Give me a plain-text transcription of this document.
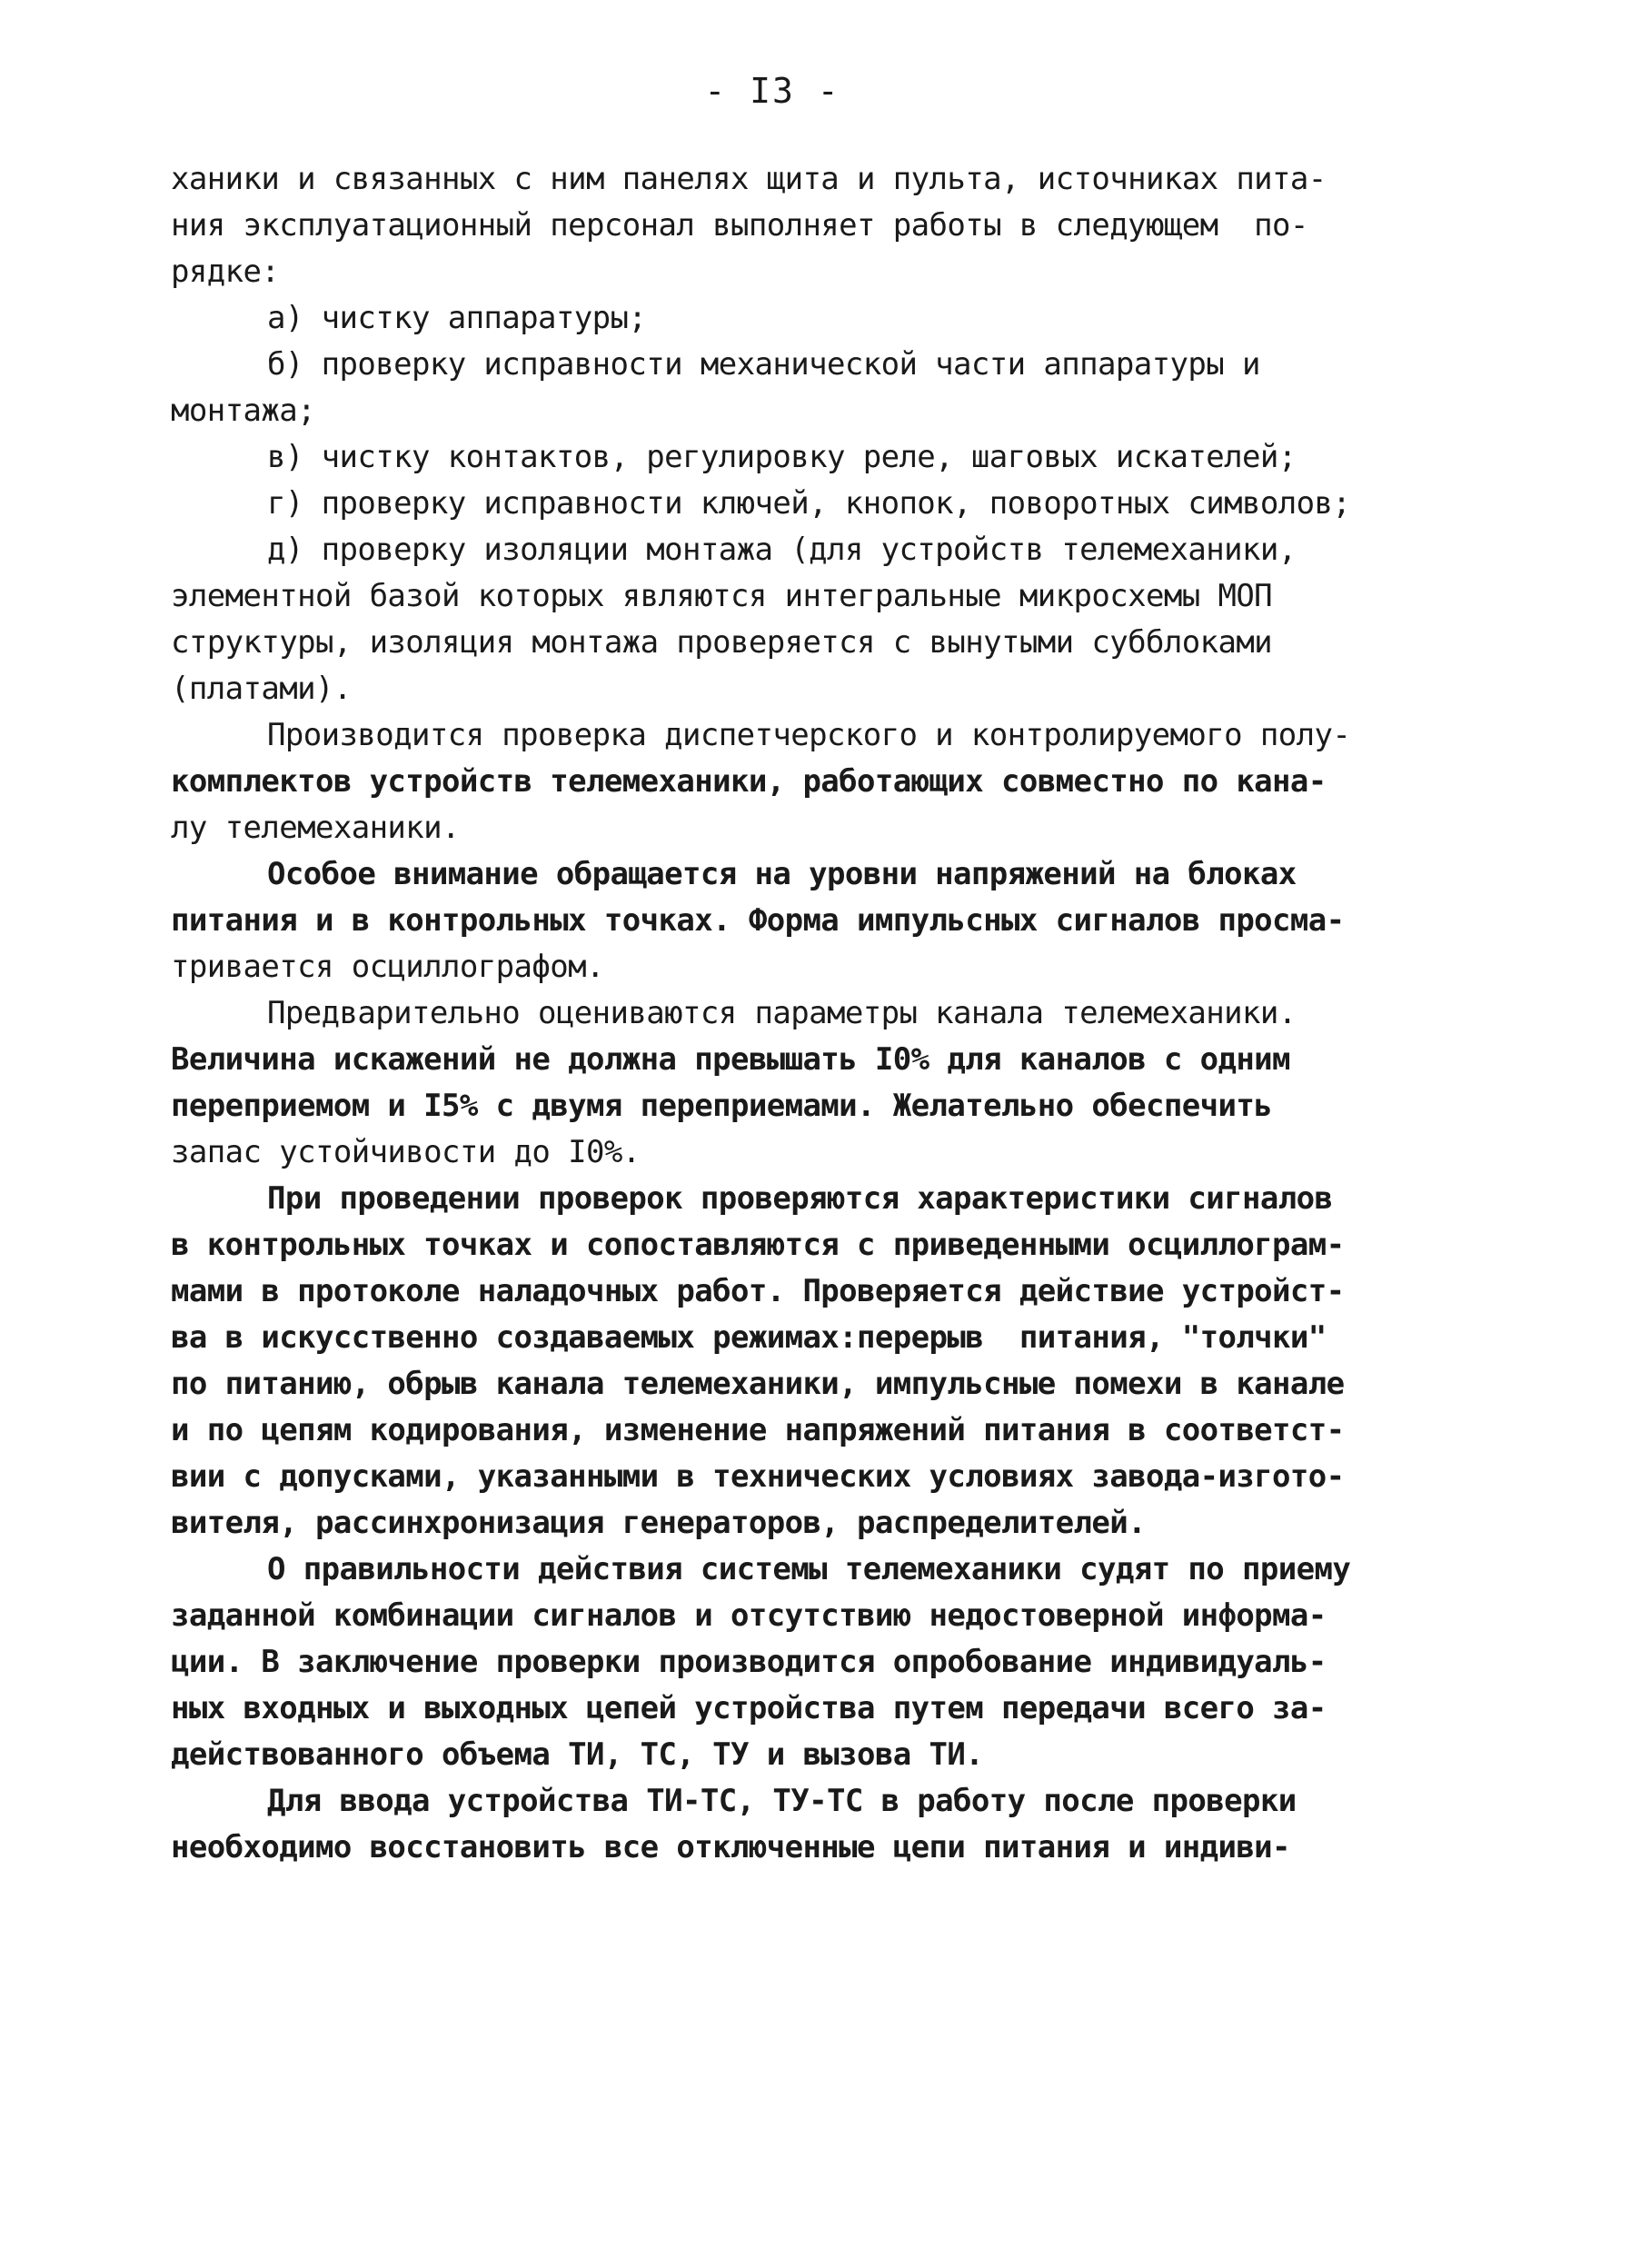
- I3 -
ханики и связанных с ним панелях щита и пульта, источниках пита-
ния эксплуатационный персонал выполняет работы в следующем  по-
рядке:
а) чистку аппаратуры;
б) проверку исправности механической части аппаратуры и
монтажа;
в) чистку контактов, регулировку реле, шаговых искателей;
г) проверку исправности ключей, кнопок, поворотных символов;
д) проверку изоляции монтажа (для устройств телемеханики,
элементной базой которых являются интегральные микросхемы МОП
структуры, изоляция монтажа проверяется с вынутыми субблоками
(платами).
Производится проверка диспетчерского и контролируемого полу-
комплектов устройств телемеханики, работающих совместно по кана-
лу телемеханики.
Особое внимание обращается на уровни напряжений на блоках
питания и в контрольных точках. Форма импульсных сигналов просма-
тривается осциллографом.
Предварительно оцениваются параметры канала телемеханики.
Величина искажений не должна превышать I0% для каналов с одним
переприемом и I5% с двумя переприемами. Желательно обеспечить
запас устойчивости до I0%.
При проведении проверок проверяются характеристики сигналов
в контрольных точках и сопоставляются с приведенными осциллограм-
мами в протоколе наладочных работ. Проверяется действие устройст-
ва в искусственно создаваемых режимах:перерыв  питания, "толчки"
по питанию, обрыв канала телемеханики, импульсные помехи в канале
и по цепям кодирования, изменение напряжений питания в соответст-
вии с допусками, указанными в технических условиях завода-изгото-
вителя, рассинхронизация генераторов, распределителей.
О правильности действия системы телемеханики судят по приему
заданной комбинации сигналов и отсутствию недостоверной информа-
ции. В заключение проверки производится опробование индивидуаль-
ных входных и выходных цепей устройства путем передачи всего за-
действованного объема ТИ, ТС, ТУ и вызова ТИ.
Для ввода устройства ТИ-ТС, ТУ-ТС в работу после проверки
необходимо восстановить все отключенные цепи питания и индиви-
